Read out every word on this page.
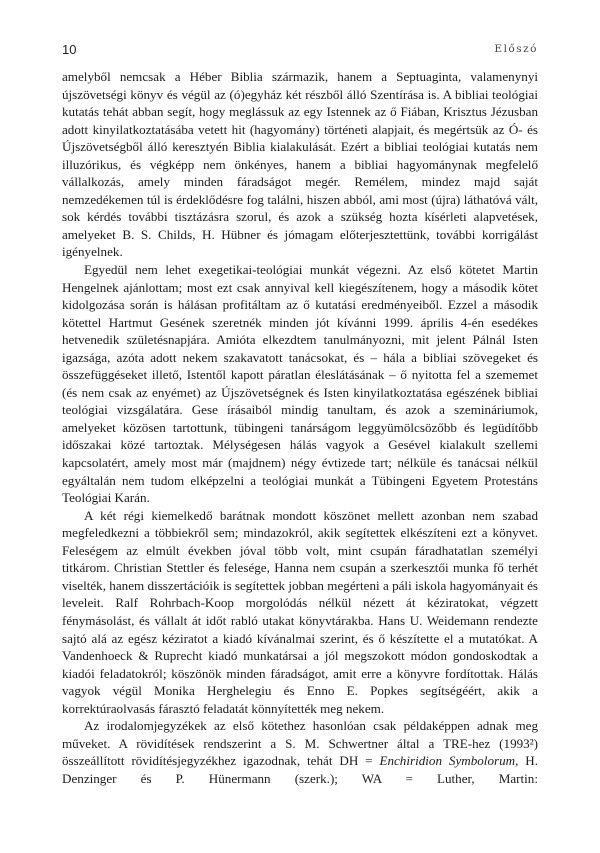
10	Előszó

amelyből nemcsak a Héber Biblia származik, hanem a Septuaginta, valamenynyi újszövetségi könyv és végül az (ó)egyház két részből álló Szentírása is. A bibliai teológiai kutatás tehát abban segít, hogy meglássuk az egy Istennek az ő Fiában, Krisztus Jézusban adott kinyilatkoztatásába vetett hit (hagyomány) történeti alapjait, és megértsük az Ó- és Újszövetségből álló keresztyén Biblia kialakulását. Ezért a bibliai teológiai kutatás nem illuzórikus, és végképp nem önkényes, hanem a bibliai hagyománynak megfelelő vállalkozás, amely minden fáradságot megér. Remélem, mindez majd saját nemzedékemen túl is érdeklődésre fog találni, hiszen abból, ami most (újra) láthatóvá vált, sok kérdés további tisztázásra szorul, és azok a szükség hozta kísérleti alapvetések, amelyeket B. S. Childs, H. Hübner és jómagam előterjesztettünk, további korrigálást igényelnek.

Egyedül nem lehet exegetikai-teológiai munkát végezni. Az első kötetet Martin Hengelnek ajánlottam; most ezt csak annyival kell kiegészítenem, hogy a második kötet kidolgozása során is hálásan profitáltam az ő kutatási eredményeiből. Ezzel a második kötettel Hartmut Gesének szeretnék minden jót kívánni 1999. április 4-én esedékes hetvenedik születésnapjára. Amióta elkezdtem tanulmányozni, mit jelent Pálnál Isten igazsága, azóta adott nekem szakavatott tanácsokat, és – hála a bibliai szövegeket és összefüggéseket illető, Istentől kapott páratlan éleslátásának – ő nyitotta fel a szememet (és nem csak az enyémet) az Újszövetségnek és Isten kinyilatkoztatása egészének bibliai teológiai vizsgálatára. Gese írásaiból mindig tanultam, és azok a szemináriumok, amelyeket közösen tartottunk, tübingeni tanárságom leggyümölcsözőbb és legüdítőbb időszakai közé tartoztak. Mélységesen hálás vagyok a Gesével kialakult szellemi kapcsolatért, amely most már (majdnem) négy évtizede tart; nélküle és tanácsai nélkül egyáltalán nem tudom elképzelni a teológiai munkát a Tübingeni Egyetem Protestáns Teológiai Karán.

A két régi kiemelkedő barátnak mondott köszönet mellett azonban nem szabad megfeledkezni a többiekről sem; mindazokról, akik segítettek elkészíteni ezt a könyvet. Feleségem az elmúlt években jóval több volt, mint csupán fáradhatatlan személyi titkárom. Christian Stettler és felesége, Hanna nem csupán a szerkesztői munka fő terhét viselték, hanem disszertációik is segítettek jobban megérteni a páli iskola hagyományait és leveleit. Ralf Rohrbach-Koop morgolódás nélkül nézett át kéziratokat, végzett fénymásolást, és vállalt át időt rabló utakat könyvtárakba. Hans U. Weidemann rendezte sajtó alá az egész kéziratot a kiadó kívánalmai szerint, és ő készítette el a mutatókat. A Vandenhoeck & Ruprecht kiadó munkatársai a jól megszokott módon gondoskodtak a kiadói feladatokról; köszönök minden fáradságot, amit erre a könyvre fordítottak. Hálás vagyok végül Monika Herghelegiu és Enno E. Popkes segítségéért, akik a korrektúraolvasás fárasztó feladatát könnyítették meg nekem.

Az irodalomjegyzékek az első kötethez hasonlóan csak példaképpen adnak meg műveket. A rövidítések rendszerint a S. M. Schwertner által a TRE-hez (1993²) összeállított rövidítésjegyzékhez igazodnak, tehát DH = Enchiridion Symbolorum, H. Denzinger és P. Hünermann (szerk.); WA = Luther, Martin:
